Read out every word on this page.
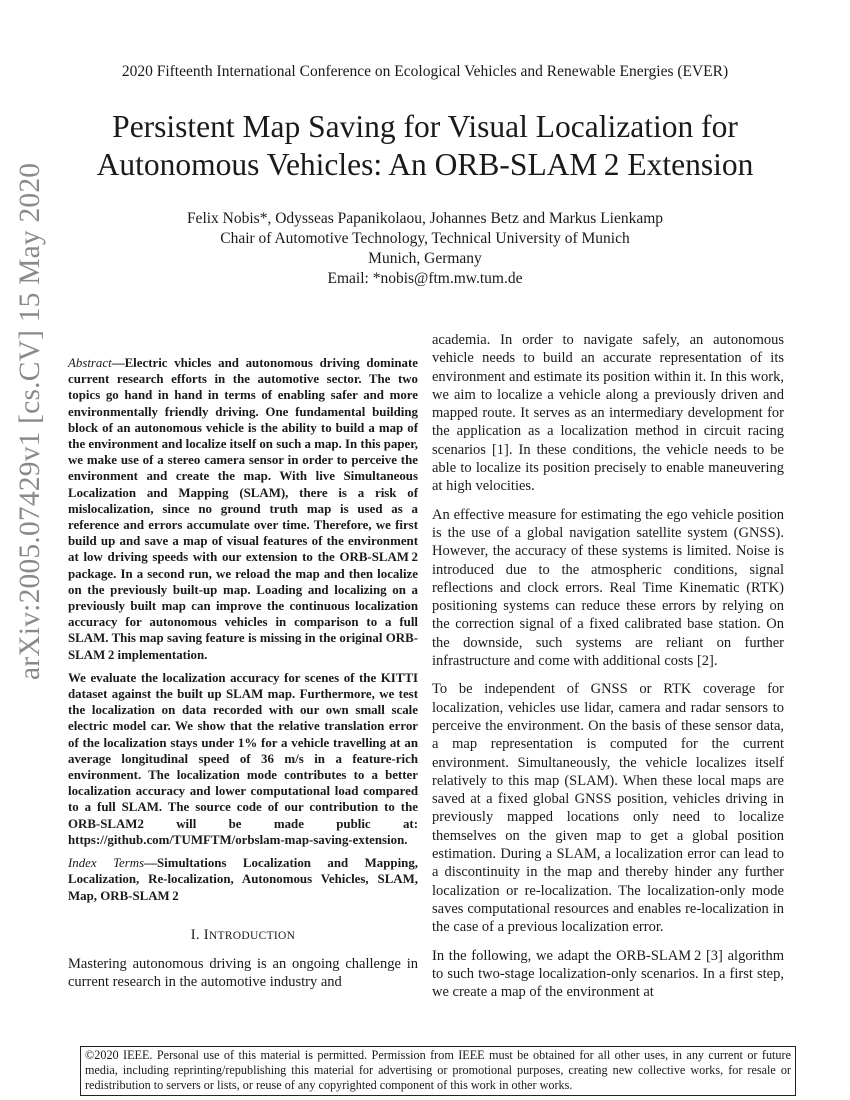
2020 Fifteenth International Conference on Ecological Vehicles and Renewable Energies (EVER)
Persistent Map Saving for Visual Localization for
Autonomous Vehicles: An ORB-SLAM 2 Extension
Felix Nobis*, Odysseas Papanikolaou, Johannes Betz and Markus Lienkamp
Chair of Automotive Technology, Technical University of Munich
Munich, Germany
Email: *nobis@ftm.mw.tum.de
arXiv:2005.07429v1 [cs.CV] 15 May 2020 Abstract—Electric vhicles and autonomous driving dominate current research efforts in the automotive sector. The two topics go hand in hand in terms of enabling safer and more environmentally friendly driving. One fundamental building block of an autonomous vehicle is the ability to build a map of the environment and localize itself on such a map. In this paper, we make use of a stereo camera sensor in order to perceive the environment and create the map. With live Simultaneous Localization and Mapping (SLAM), there is a risk of mislocalization, since no ground truth map is used as a reference and errors accumulate over time. Therefore, we first build up and save a map of visual features of the environment at low driving speeds with our extension to the ORB-SLAM 2 package. In a second run, we reload the map and then localize on the previously built-up map. Loading and localizing on a previously built map can improve the continuous localization accuracy for autonomous vehicles in comparison to a full SLAM. This map saving feature is missing in the original ORB-SLAM 2 implementation.

We evaluate the localization accuracy for scenes of the KITTI dataset against the built up SLAM map. Furthermore, we test the localization on data recorded with our own small scale electric model car. We show that the relative translation error of the localization stays under 1% for a vehicle travelling at an average longitudinal speed of 36 m/s in a feature-rich environment. The localization mode contributes to a better localization accuracy and lower computational load compared to a full SLAM. The source code of our contribution to the ORB-SLAM2 will be made public at: https://github.com/TUMFTM/orbslam-map-saving-extension.

Index Terms—Simultations Localization and Mapping, Localization, Re-localization, Autonomous Vehicles, SLAM, Map, ORB-SLAM 2

I. INTRODUCTION

Mastering autonomous driving is an ongoing challenge in current research in the automotive industry and

academia. In order to navigate safely, an autonomous vehicle needs to build an accurate representation of its environment and estimate its position within it. In this work, we aim to localize a vehicle along a previously driven and mapped route. It serves as an intermediary development for the application as a localization method in circuit racing scenarios [1]. In these conditions, the vehicle needs to be able to localize its position precisely to enable maneuvering at high velocities.

An effective measure for estimating the ego vehicle position is the use of a global navigation satellite system (GNSS). However, the accuracy of these systems is limited. Noise is introduced due to the atmospheric conditions, signal reflections and clock errors. Real Time Kinematic (RTK) positioning systems can reduce these errors by relying on the correction signal of a fixed calibrated base station. On the downside, such systems are reliant on further infrastructure and come with additional costs [2].

To be independent of GNSS or RTK coverage for localization, vehicles use lidar, camera and radar sensors to perceive the environment. On the basis of these sensor data, a map representation is computed for the current environment. Simultaneously, the vehicle localizes itself relatively to this map (SLAM). When these local maps are saved at a fixed global GNSS position, vehicles driving in previously mapped locations only need to localize themselves on the given map to get a global position estimation. During a SLAM, a localization error can lead to a discontinuity in the map and thereby hinder any further localization or re-localization. The localization-only mode saves computational resources and enables re-localization in the case of a previous localization error.

In the following, we adapt the ORB-SLAM 2 [3] algorithm to such two-stage localization-only scenarios. In a first step, we create a map of the environment at

©2020 IEEE. Personal use of this material is permitted. Permission from IEEE must be obtained for all other uses, in any current or future media, including reprinting/republishing this material for advertising or promotional purposes, creating new collective works, for resale or redistribution to servers or lists, or reuse of any copyrighted component of this work in other works.
